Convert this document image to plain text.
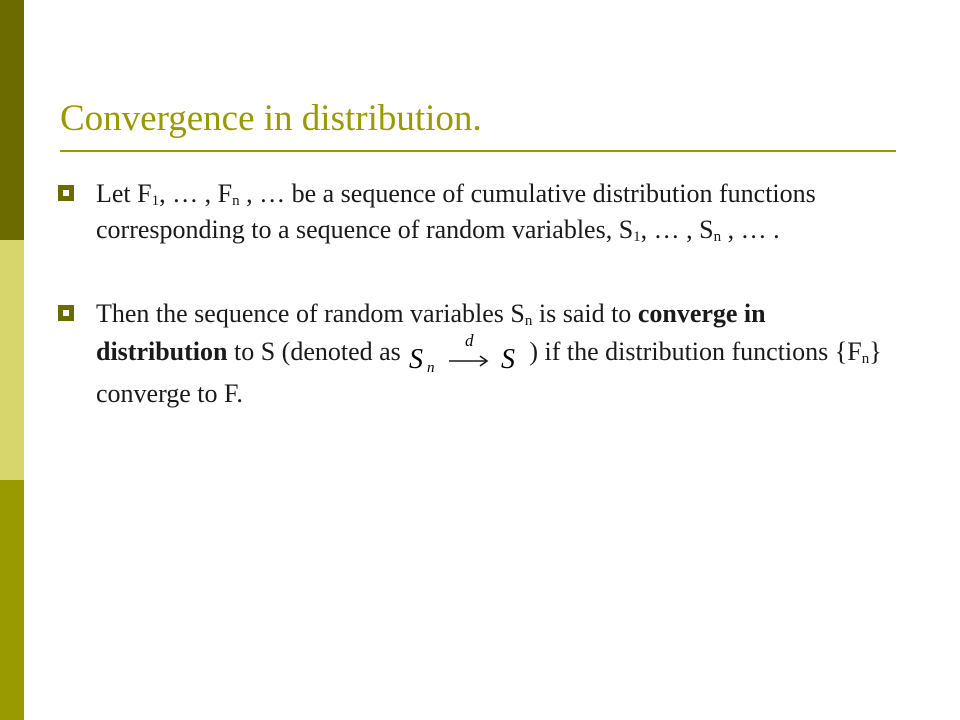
Convergence in distribution.
Let $F_1$, … , $F_n$ , … be a sequence of cumulative distribution functions corresponding to a sequence of random variables, $S_1$, … , $S_n$ , … .
Then the sequence of random variables $S_n$ is said to converge in distribution to S (denoted as S n
d
S ) if the distribution functions $\{F_n\}$ converge to F.
